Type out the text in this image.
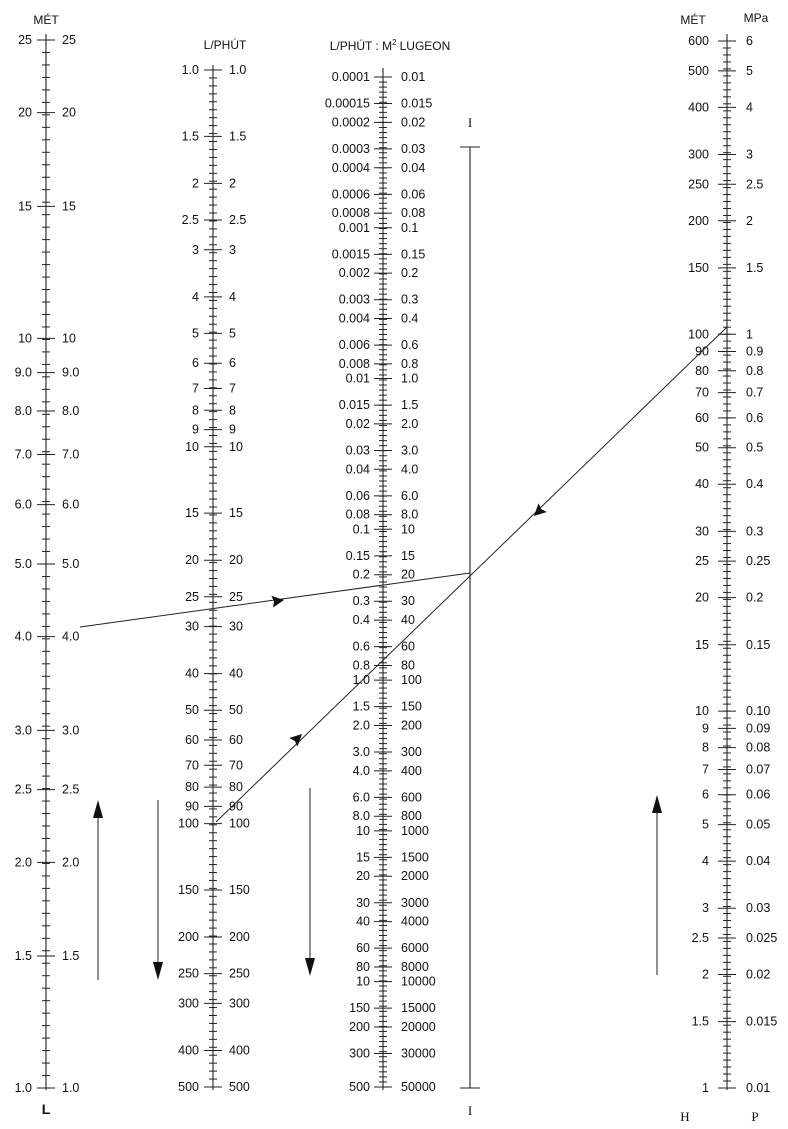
MÉT
L/PHÚT	L/PHÚT : $M^2$ LUGEON
MÉT	MPa
I
I
25 25
20 20
15 15
10 10
9.0 9.0
8.0 8.0
7.0 7.0
6.0 6.0
5.0 5.0
4.0 4.0
3.0 3.0
2.5 2.5
2.0 2.0
1.5 1.5
1.0 1.0
1.0 1.0
1.5 1.5
2 2
2.5 2.5
3 3
4 4
5 5
6 6
7 7
8 8
9 9
10 10
15 15
20 20
25 25
30 30
40 40
50 50
60 60
70 70
80 80
90 90
100 100
150 150
200 200
250 250
300 300
400 400
500 500
0.0001 0.01
0.00015 0.015
0.0002 0.02
0.0003 0.03
0.0004 0.04
0.0006 0.06
0.0008 0.08
0.001 0.1
0.0015 0.15
0.002 0.2
0.003 0.3
0.004 0.4
0.006 0.6
0.008 0.8
0.01 1.0
0.015 1.5
0.02 2.0
0.03 3.0
0.04 4.0
0.06 6.0
0.08 8.0
0.1 10
0.15 15
0.2 20
0.3 30
0.4 40
0.6 60
0.8 80
1.0 100
1.5 150
2.0 200
3.0 300
4.0 400
6.0 600
8.0 800
10 1000
15 1500
20 2000
30 3000
40 4000
60 6000
80 8000
10 10000
150 15000
200 20000
300 30000
500 50000
600	6
500	5
400	4
300	3
250	2.5
200	2
150	1.5
100	1
90	0.9
80	0.8
70	0.7
60	0.6
50	0.5
40	0.4
30	0.3
25	0.25
20	0.2
15	0.15
10	0.10
9	0.09
8	0.08
7	0.07
6	0.06
5	0.05
4	0.04
3	0.03
2.5	0.025
2	0.02
1.5	0.015
1	0.01
L	H	P
